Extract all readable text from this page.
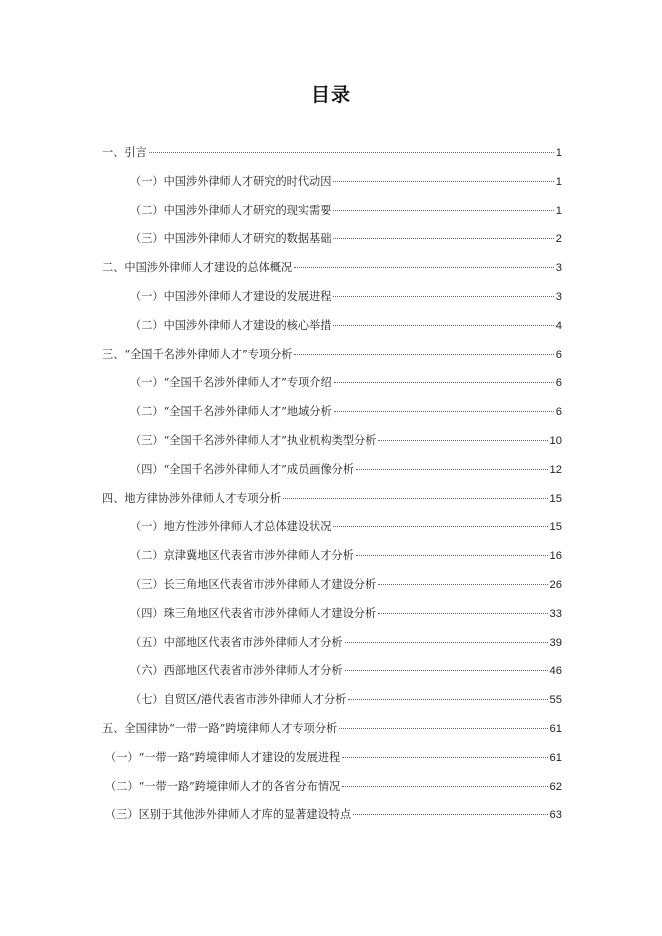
目录
一、引言	1
（一）中国涉外律师人才研究的时代动因	1
（二）中国涉外律师人才研究的现实需要	1
（三）中国涉外律师人才研究的数据基础	2
二、中国涉外律师人才建设的总体概况	3
（一）中国涉外律师人才建设的发展进程	3
（二）中国涉外律师人才建设的核心举措	4
三、“全国千名涉外律师人才”专项分析	6
（一）“全国千名涉外律师人才”专项介绍	6
（二）“全国千名涉外律师人才”地域分析	6
（三）“全国千名涉外律师人才”执业机构类型分析	10
（四）“全国千名涉外律师人才”成员画像分析	12
四、地方律协涉外律师人才专项分析	15
（一）地方性涉外律师人才总体建设状况	15
（二）京津冀地区代表省市涉外律师人才分析	16
（三）长三角地区代表省市涉外律师人才建设分析	26
（四）珠三角地区代表省市涉外律师人才建设分析	33
（五）中部地区代表省市涉外律师人才分析	39
（六）西部地区代表省市涉外律师人才分析	46
（七）自贸区/港代表省市涉外律师人才分析	55
五、全国律协“一带一路”跨境律师人才专项分析	61
（一）“一带一路”跨境律师人才建设的发展进程	61
（二）“一带一路”跨境律师人才的各省分布情况	62
（三）区别于其他涉外律师人才库的显著建设特点	63
